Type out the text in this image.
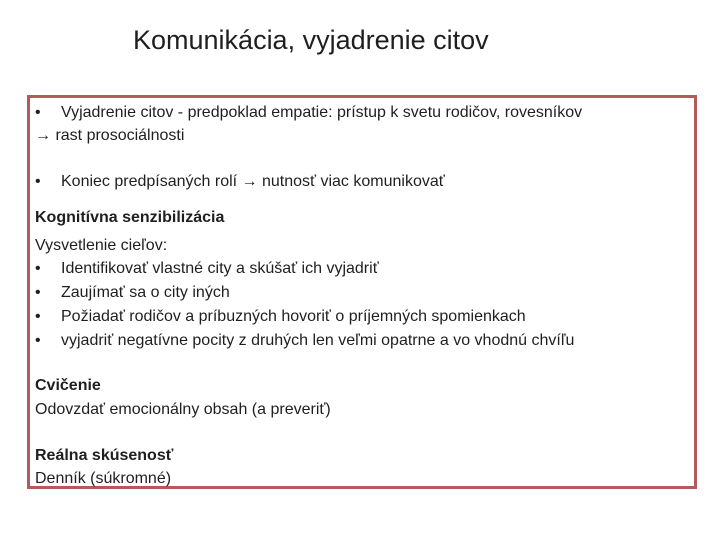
Komunikácia, vyjadrenie citov
• Vyjadrenie citov - predpoklad empatie: prístup k svetu rodičov, rovesníkov

→ rast prosociálnosti

• Koniec predpísaných rolí → nutnosť viac komunikovať

Kognitívna senzibilizácia

Vysvetlenie cieľov:

• Identifikovať vlastné city a skúšať ich vyjadriť
• Zaujímať sa o city iných
• Požiadať rodičov a príbuzných hovoriť o príjemných spomienkach
• vyjadriť negatívne pocity z druhých len veľmi opatrne a vo vhodnú chvíľu

Cvičenie

Odovzdať emocionálny obsah (a preveriť)

Reálna skúsenosť

Denník (súkromné)
